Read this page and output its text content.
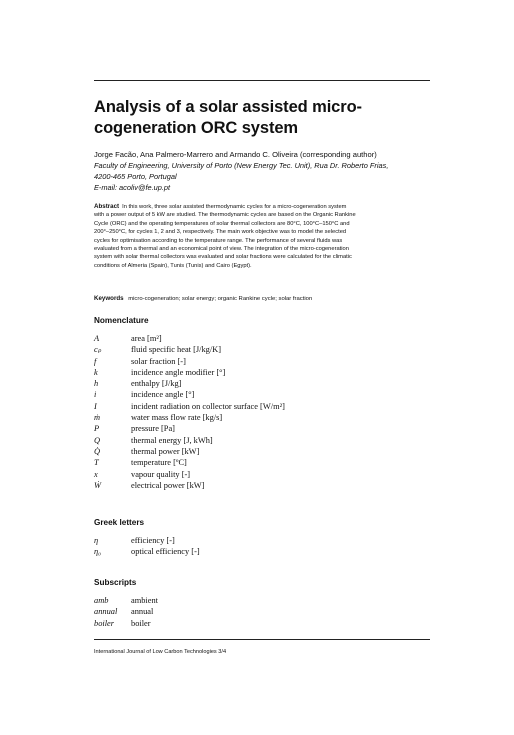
Analysis of a solar assisted micro-
cogeneration ORC system
Jorge Facão, Ana Palmero-Marrero and Armando C. Oliveira (corresponding author)
Faculty of Engineering, University of Porto (New Energy Tec. Unit), Rua Dr. Roberto Frias,
4200-465 Porto, Portugal
E-mail: acoliv@fe.up.pt
Abstract In this work, three solar assisted thermodynamic cycles for a micro-cogeneration system
with a power output of 5 kW are studied. The thermodynamic cycles are based on the Organic Rankine
Cycle (ORC) and the operating temperatures of solar thermal collectors are 80°C, 100°C–150°C and
200°–250°C, for cycles 1, 2 and 3, respectively. The main work objective was to model the selected
cycles for optimisation according to the temperature range. The performance of several fluids was
evaluated from a thermal and an economical point of view. The integration of the micro-cogeneration
system with solar thermal collectors was evaluated and solar fractions were calculated for the climatic
conditions of Almeria (Spain), Tunis (Tunis) and Cairo (Egypt).
Keywords micro-cogeneration; solar energy; organic Rankine cycle; solar fraction
Nomenclature
A	area [m²]
cₚ	fluid specific heat [J/kg/K]
f	solar fraction [-]
k	incidence angle modifier [°]
h	enthalpy [J/kg]
i	incidence angle [°]
I	incident radiation on collector surface [W/m²]
ṁ	water mass flow rate [kg/s]
P	pressure [Pa]
Q	thermal energy [J, kWh]
Q̇	thermal power [kW]
T	temperature [ºC]
x	vapour quality [-]
Ẇ	electrical power [kW]
Greek letters
η	efficiency [-]
η₀	optical efficiency [-]
Subscripts
amb	ambient
annual	annual
boiler	boiler
International Journal of Low Carbon Technologies 3/4
